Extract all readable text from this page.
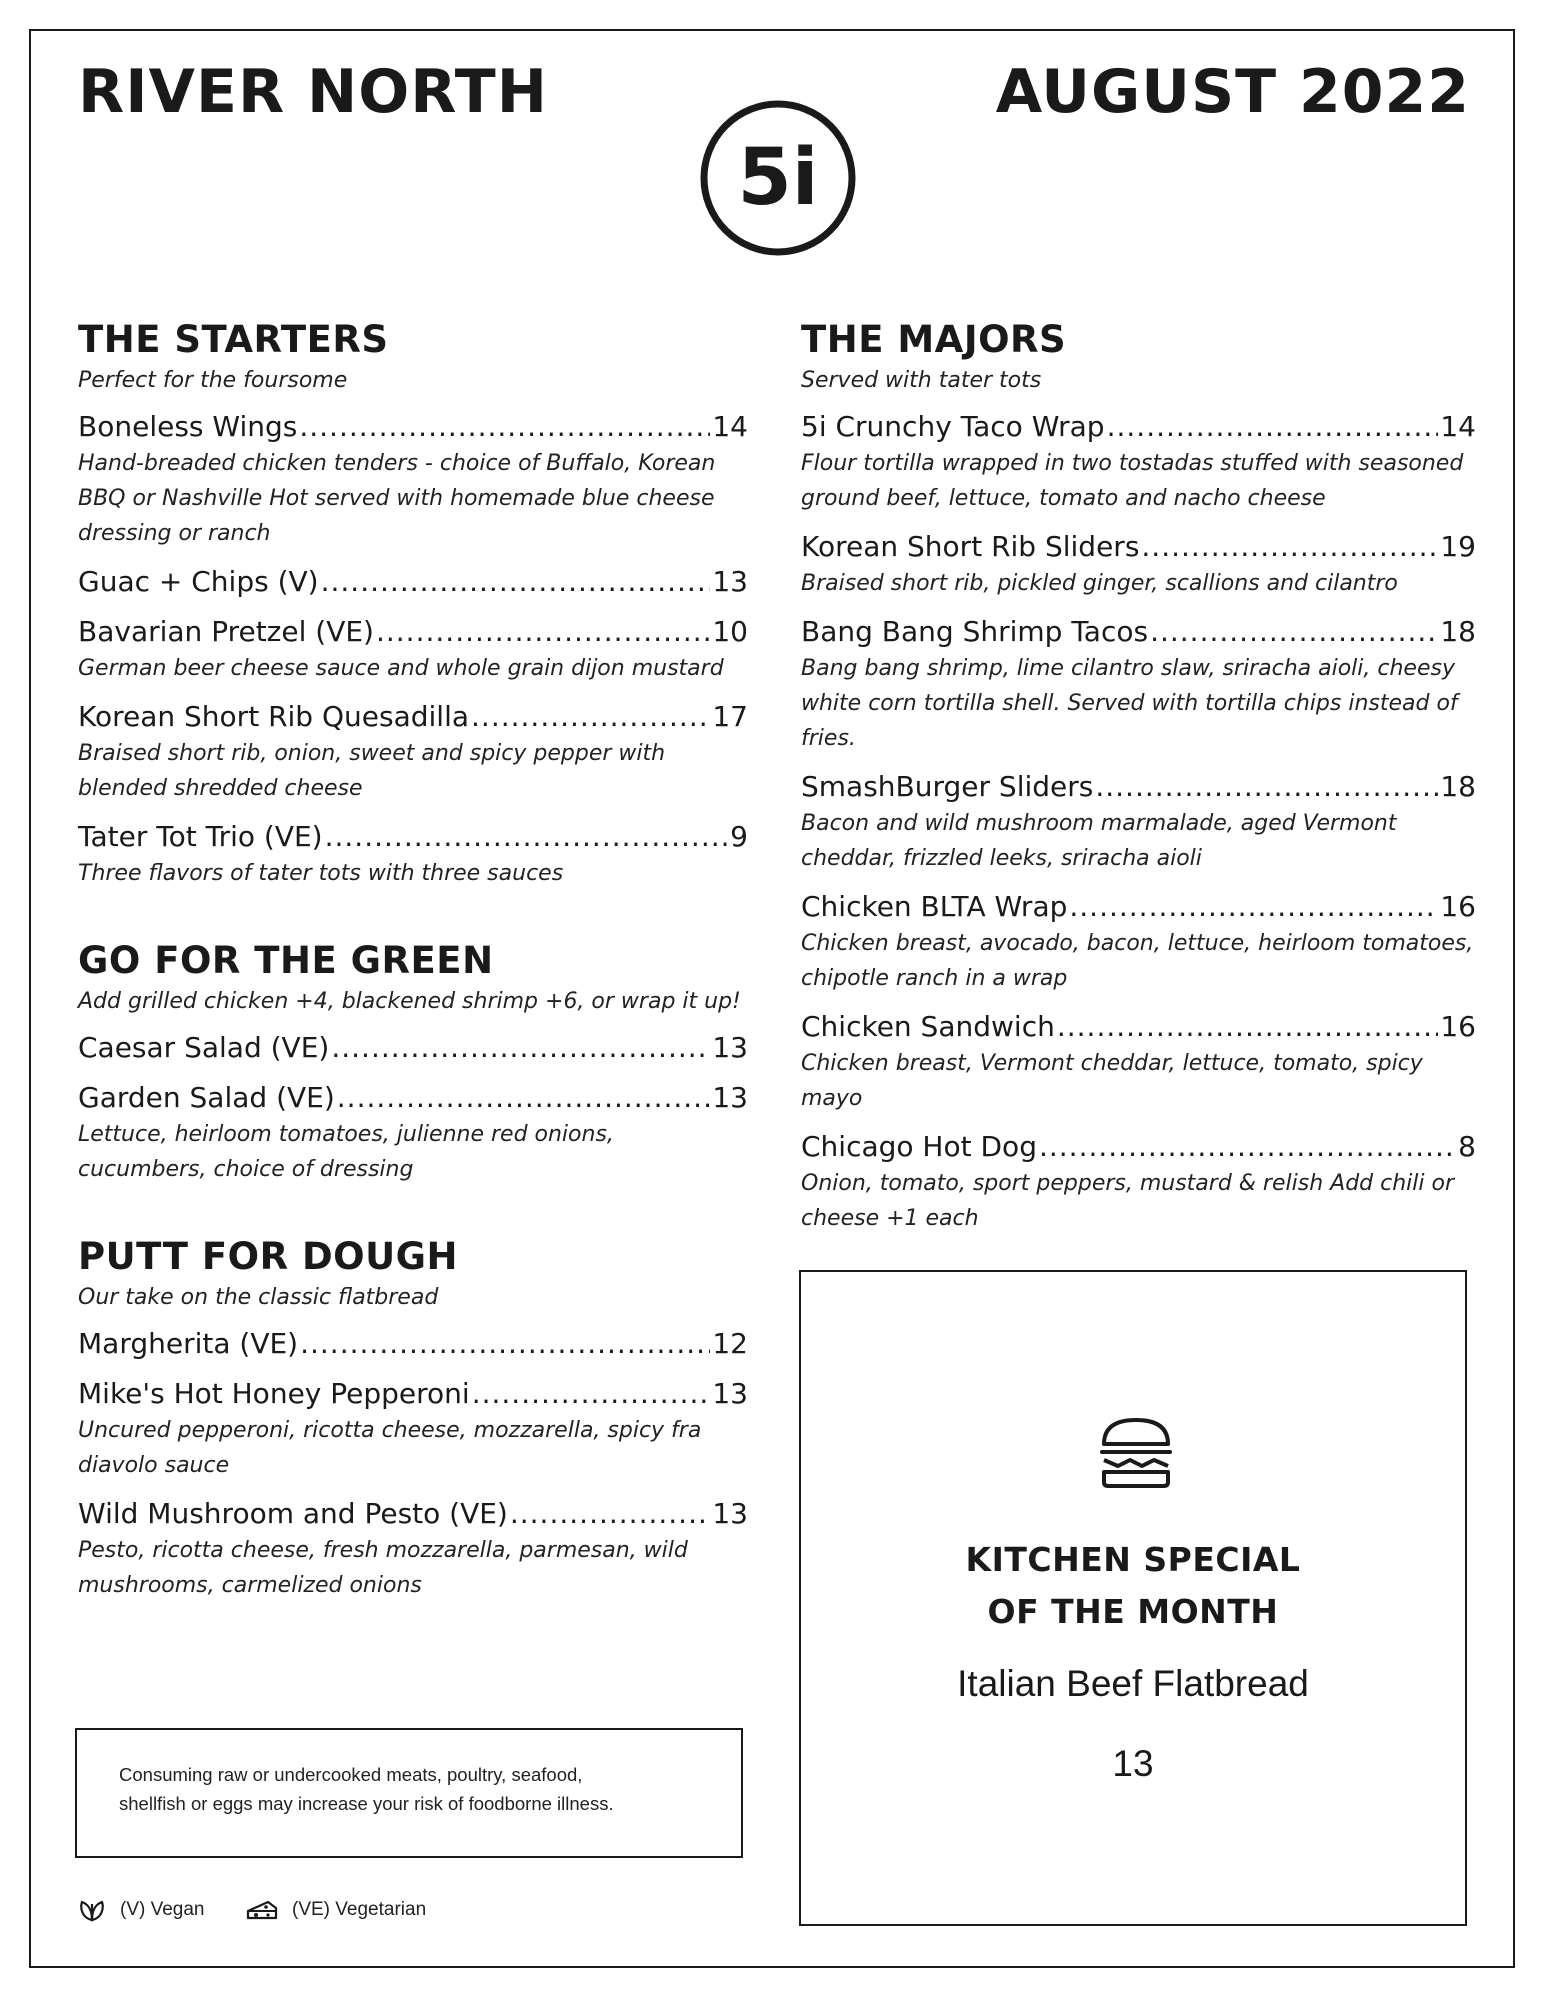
RIVER NORTH	AUGUST 2022
5i
THE STARTERS
Perfect for the foursome
Boneless Wings .....	14
Hand-breaded chicken tenders - choice of Buffalo, Korean BBQ or Nashville Hot served with homemade blue cheese dressing or ranch
Guac + Chips (V) .....	13
Bavarian Pretzel (VE) .....	10
German beer cheese sauce and whole grain dijon mustard
Korean Short Rib Quesadilla .....	17
Braised short rib, onion, sweet and spicy pepper with blended shredded cheese
Tater Tot Trio (VE) .....	9
Three flavors of tater tots with three sauces
GO FOR THE GREEN
Add grilled chicken +4, blackened shrimp +6, or wrap it up!
Caesar Salad (VE) .....	13
Garden Salad (VE) .....	13
Lettuce, heirloom tomatoes, julienne red onions, cucumbers, choice of dressing
PUTT FOR DOUGH
Our take on the classic flatbread
Margherita (VE) .....	12
Mike's Hot Honey Pepperoni .....	13
Uncured pepperoni, ricotta cheese, mozzarella, spicy fra diavolo sauce
Wild Mushroom and Pesto (VE) .....	13
Pesto, ricotta cheese, fresh mozzarella, parmesan, wild mushrooms, carmelized onions
THE MAJORS
Served with tater tots
5i Crunchy Taco Wrap .....	14
Flour tortilla wrapped in two tostadas stuffed with seasoned ground beef, lettuce, tomato and nacho cheese
Korean Short Rib Sliders .....	19
Braised short rib, pickled ginger, scallions and cilantro
Bang Bang Shrimp Tacos .....	18
Bang bang shrimp, lime cilantro slaw, sriracha aioli, cheesy white corn tortilla shell. Served with tortilla chips instead of fries.
SmashBurger Sliders .....	18
Bacon and wild mushroom marmalade, aged Vermont cheddar, frizzled leeks, sriracha aioli
Chicken BLTA Wrap .....	16
Chicken breast, avocado, bacon, lettuce, heirloom tomatoes, chipotle ranch in a wrap
Chicken Sandwich .....	16
Chicken breast, Vermont cheddar, lettuce, tomato, spicy mayo
Chicago Hot Dog .....	8
Onion, tomato, sport peppers, mustard & relish Add chili or cheese +1 each
KITCHEN SPECIAL
OF THE MONTH
Italian Beef Flatbread
13
Consuming raw or undercooked meats, poultry, seafood,
shellfish or eggs may increase your risk of foodborne illness.
(V) Vegan	(VE) Vegetarian
